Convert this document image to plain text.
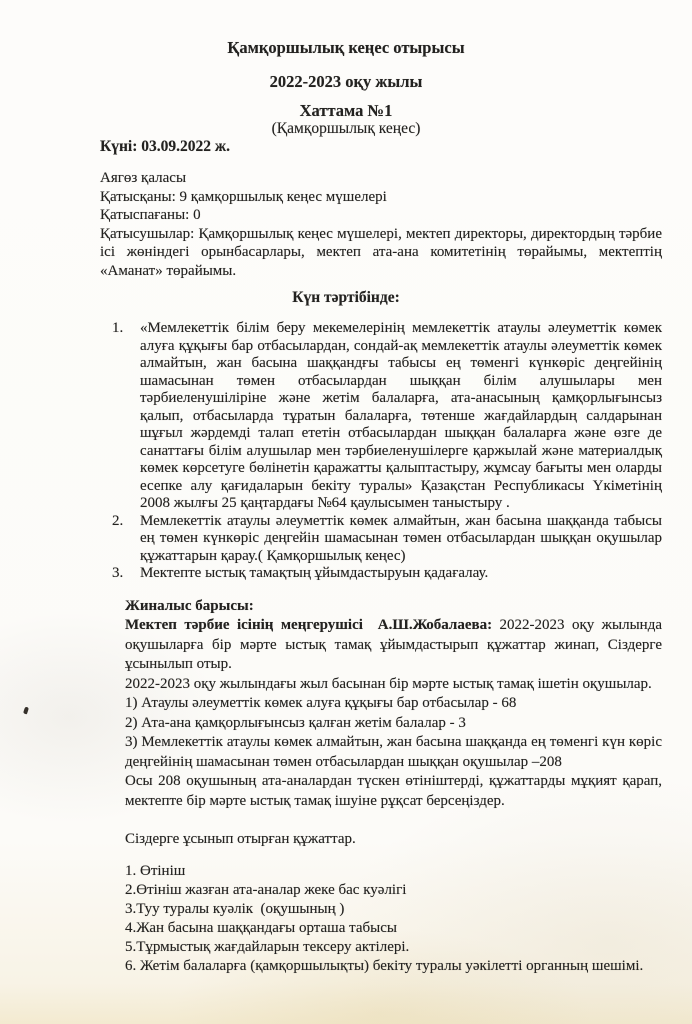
Қамқоршылық кеңес отырысы
2022-2023 оқу жылы
Хаттама №1
(Қамқоршылық кеңес)
Күні: 03.09.2022 ж.
Аягөз қаласы
Қатысқаны: 9 қамқоршылық кеңес мүшелері
Қатыспағаны: 0
Қатысушылар: Қамқоршылық кеңес мүшелері, мектеп директоры, директордың тәрбие ісі жөніндегі орынбасарлары, мектеп ата-ана комитетінің төрайымы, мектептің «Аманат» төрайымы.
Күн тәртібінде:
1.	«Мемлекеттік білім беру мекемелерінің мемлекеттік атаулы әлеуметтік көмек алуға құқығы бар отбасылардан, сондай-ақ мемлекеттік атаулы әлеуметтік көмек алмайтын, жан басына шаққандғы табысы ең төменгі күнкөріс деңгейінің шамасынан төмен отбасылардан шыққан білім алушылары мен тәрбиеленушіліріне және жетім балаларға, ата-анасының қамқорлығынсыз қалып, отбасыларда тұратын балаларға, төтенше жағдайлардың салдарынан шұғыл жәрдемді талап ететін отбасылардан шыққан балаларға және өзге де санаттағы білім алушылар мен тәрбиеленушілерге қаржылай және материалдық көмек көрсетуге бөлінетін қаражатты қалыптастыру, жұмсау бағыты мен оларды есепке алу қағидаларын бекіту туралы» Қазақстан Республикасы Үкіметінің 2008 жылғы 25 қаңтардағы №64 қаулысымен таныстыру .
2.	Мемлекеттік атаулы әлеуметтік көмек алмайтын, жан басына шаққанда табысы ең төмен күнкөріс деңгейін шамасынан төмен отбасылардан шыққан оқушылар құжаттарын қарау.( Қамқоршылық кеңес)
3.	Мектепте ыстық тамақтың ұйымдастыруын қадағалау.
Жиналыс барысы:
Мектеп тәрбие ісінің меңгерушісі  А.Ш.Жобалаева: 2022-2023 оқу жылында оқушыларға бір мәрте ыстық тамақ ұйымдастырып құжаттар жинап, Сіздерге ұсынылып отыр.
2022-2023 оқу жылындағы жыл басынан бір мәрте ыстық тамақ ішетін оқушылар.
1) Атаулы әлеуметтік көмек алуға құқығы бар отбасылар - 68
2) Ата-ана қамқорлығынсыз қалған жетім балалар - 3
3) Мемлекеттік атаулы көмек алмайтын, жан басына шаққанда ең төменгі күн көріс деңгейінің шамасынан төмен отбасылардан шыққан оқушылар –208
Осы 208 оқушының ата-аналардан түскен өтініштерді, құжаттарды мұқият қарап, мектепте бір мәрте ыстық тамақ ішуіне рұқсат берсеңіздер.
Сіздерге ұсынып отырған құжаттар.
1. Өтініш
2.Өтініш жазған ата-аналар жеке бас куәлігі
3.Туу туралы куәлік  (оқушының )
4.Жан басына шаққандағы орташа табысы
5.Тұрмыстық жағдайларын тексеру актілері.
6. Жетім балаларға (қамқоршылықты) бекіту туралы уәкілетті органның шешімі.
